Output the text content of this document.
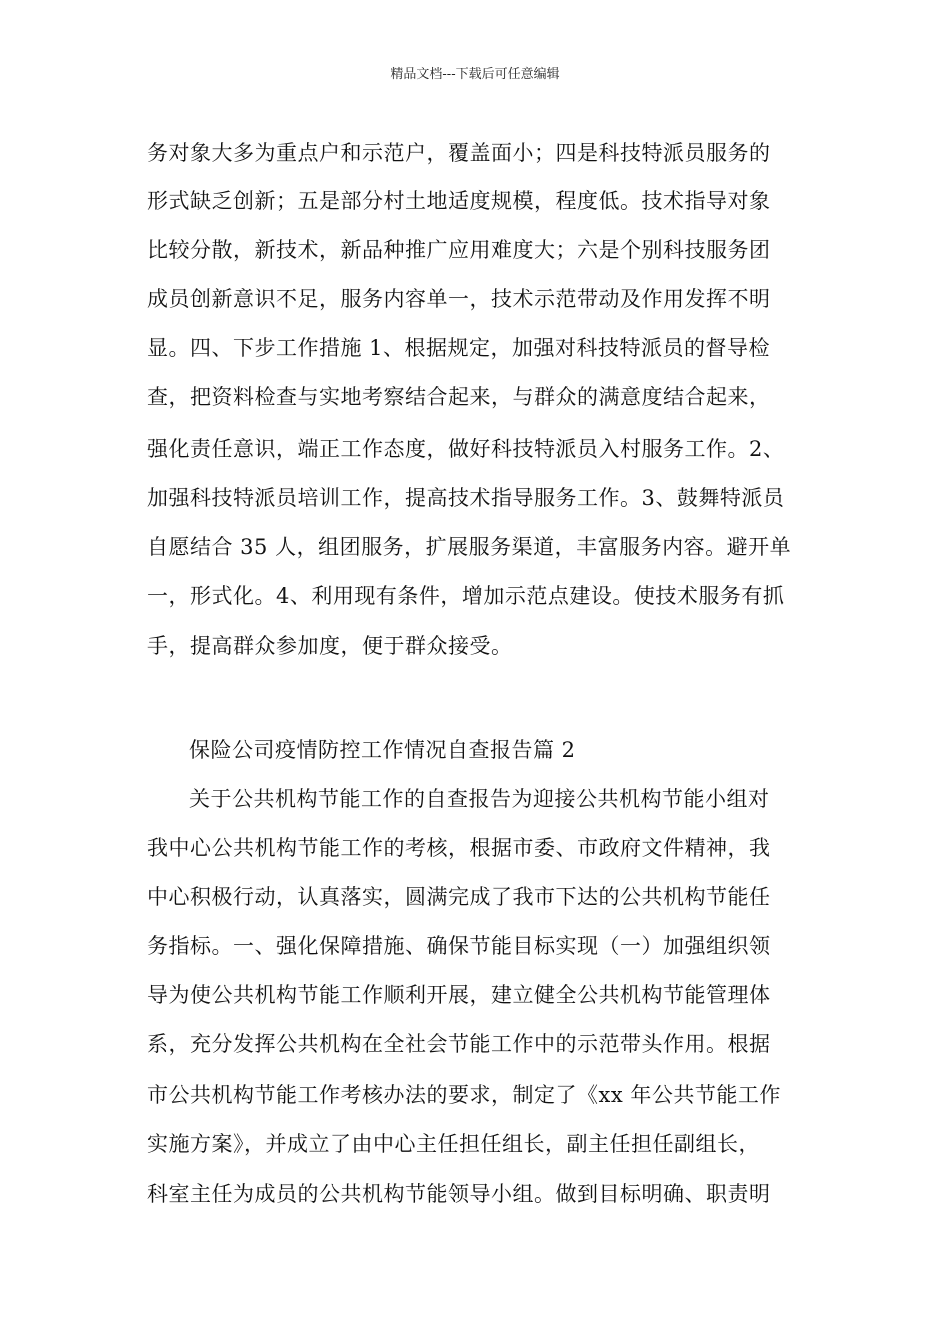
精品文档---下载后可任意编辑
务对象大多为重点户和示范户，覆盖面小；四是科技特派员服务的
形式缺乏创新；五是部分村土地适度规模，程度低。技术指导对象
比较分散，新技术，新品种推广应用难度大；六是个别科技服务团
成员创新意识不足，服务内容单一，技术示范带动及作用发挥不明
显。四、下步工作措施 1、根据规定，加强对科技特派员的督导检
查，把资料检查与实地考察结合起来，与群众的满意度结合起来，
强化责任意识，端正工作态度，做好科技特派员入村服务工作。2、
加强科技特派员培训工作，提高技术指导服务工作。3、鼓舞特派员
自愿结合 35 人，组团服务，扩展服务渠道，丰富服务内容。避开单
一，形式化。4、利用现有条件，增加示范点建设。使技术服务有抓
手，提高群众参加度，便于群众接受。
保险公司疫情防控工作情况自查报告篇 2
关于公共机构节能工作的自查报告为迎接公共机构节能小组对
我中心公共机构节能工作的考核，根据市委、市政府文件精神，我
中心积极行动，认真落实，圆满完成了我市下达的公共机构节能任
务指标。一、强化保障措施、确保节能目标实现（一）加强组织领
导为使公共机构节能工作顺利开展，建立健全公共机构节能管理体
系，充分发挥公共机构在全社会节能工作中的示范带头作用。根据
市公共机构节能工作考核办法的要求，制定了《xx 年公共节能工作
实施方案》，并成立了由中心主任担任组长，副主任担任副组长，
科室主任为成员的公共机构节能领导小组。做到目标明确、职责明
